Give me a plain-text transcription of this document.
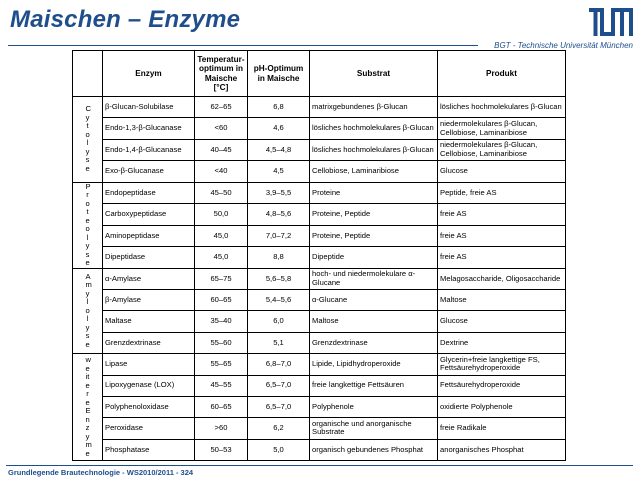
Maischen – Enzyme
BGT - Technische Universität München
	Enzym	Temperatur-optimum in Maische [°C]	pH-Optimum in Maische	Substrat	Produkt

Cytolyse	β-Glucan-Solubilase	62–65	6,8	matrixgebundenes β-Glucan	lösliches hochmolekulares β-Glucan
	Endo-1,3-β-Glucanase	<60	4,6	lösliches hochmolekulares β-Glucan	niedermolekulares β-Glucan, Cellobiose, Laminaribiose
	Endo-1,4-β-Glucanase	40–45	4,5–4,8	lösliches hochmolekulares β-Glucan	niedermolekulares β-Glucan, Cellobiose, Laminaribiose
	Exo-β-Glucanase	<40	4,5	Cellobiose, Laminaribiose	Glucose

Proteolyse	Endopeptidase	45–50	3,9–5,5	Proteine	Peptide, freie AS
	Carboxypeptidase	50,0	4,8–5,6	Proteine, Peptide	freie AS
	Aminopeptidase	45,0	7,0–7,2	Proteine, Peptide	freie AS
	Dipeptidase	45,0	8,8	Dipeptide	freie AS

Amylolyse	α-Amylase	65–75	5,6–5,8	hoch- und niedermolekulare α-Glucane	Melagosaccharide, Oligosaccharide
	β-Amylase	60–65	5,4–5,6	α-Glucane	Maltose
	Maltase	35–40	6,0	Maltose	Glucose
	Grenzdextrinase	55–60	5,1	Grenzdextrinase	Dextrine

weitereEnzyme	Lipase	55–65	6,8–7,0	Lipide, Lipidhydroperoxide	Glycerin+freie langkettige FS, Fettsäurehydroperoxide
	Lipoxygenase (LOX)	45–55	6,5–7,0	freie langkettige Fettsäuren	Fettsäurehydroperoxide
	Polyphenoloxidase	60–65	6,5–7,0	Polyphenole	oxidierte Polyphenole
	Peroxidase	>60	6,2	organische und anorganische Substrate	freie Radikale
	Phosphatase	50–53	5,0	organisch gebundenes Phosphat	anorganisches Phosphat
Grundlegende Brautechnologie - WS2010/2011 - 324
